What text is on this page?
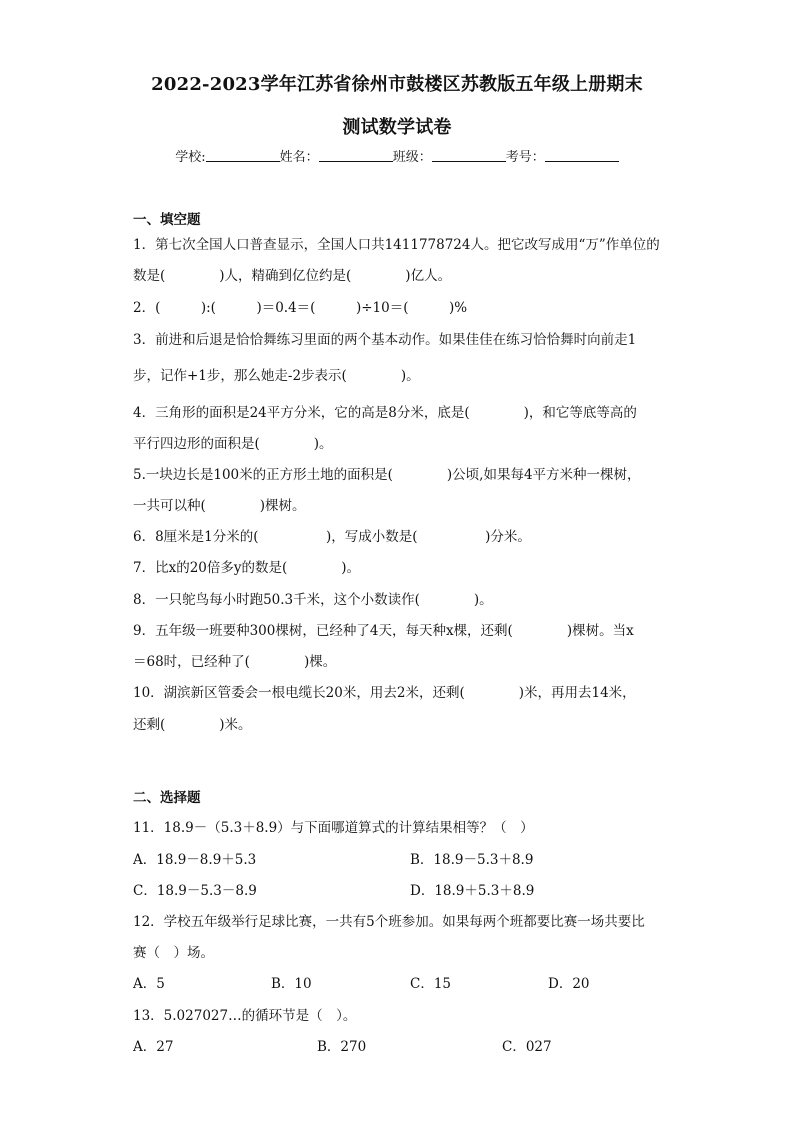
2022-2023学年江苏省徐州市鼓楼区苏教版五年级上册期末
测试数学试卷
学校:	姓名：	班级：	考号：
一、填空题
1．第七次全国人口普查显示，全国人口共1411778724人。把它改写成用“万”作单位的
数是(　　　　)人，精确到亿位约是(　　　　)亿人。
2．(　　　):(　　　)＝0.4＝(　　　)÷10＝(　　　)%
3．前进和后退是恰恰舞练习里面的两个基本动作。如果佳佳在练习恰恰舞时向前走1
步，记作+1步，那么她走-2步表示(　　　　)。
4．三角形的面积是24平方分米，它的高是8分米，底是(　　　　)，和它等底等高的
平行四边形的面积是(　　　　)。
5.一块边长是100米的正方形土地的面积是(　　　　)公顷,如果每4平方米种一棵树，
一共可以种(　　　　)棵树。
6．8厘米是1分米的(　　　　　)，写成小数是(　　　　　)分米。
7．比x的20倍多y的数是(　　　　)。
8．一只鸵鸟每小时跑50.3千米，这个小数读作(　　　　)。
9．五年级一班要种300棵树，已经种了4天，每天种x棵，还剩(　　　　)棵树。当x
＝68时，已经种了(　　　　)棵。
10．湖滨新区管委会一根电缆长20米，用去2米，还剩(　　　　)米，再用去14米，
还剩(　　　　)米。
二、选择题
11．18.9－（5.3＋8.9）与下面哪道算式的计算结果相等？（　）
A．18.9－8.9＋5.3	B．18.9－5.3＋8.9
C．18.9－5.3－8.9	D．18.9＋5.3＋8.9
12．学校五年级举行足球比赛，一共有5个班参加。如果每两个班都要比赛一场共要比
赛（　）场。
A．5	B．10	C．15	D．20
13．5.027027…的循环节是（　）。
A．27	B．270	C．027
